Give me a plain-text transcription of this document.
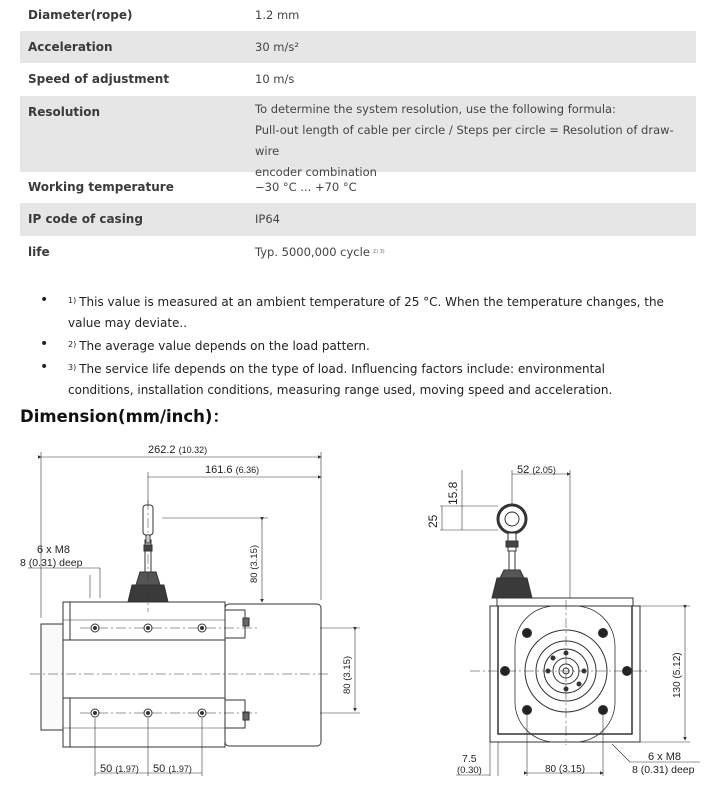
Diameter(rope)	1.2 mm
Acceleration	30 m/s²
Speed of adjustment	10 m/s
Resolution	To determine the system resolution, use the following formula:
Pull-out length of cable per circle / Steps per circle = Resolution of draw-wire
encoder combination
Working temperature	−30 °C ... +70 °C
IP code of casing	IP64
life	Typ. 5000,000 cycle $^{2) 3)}$
• $^{1)}$ This value is measured at an ambient temperature of 25 °C. When the temperature changes, the value may deviate..
• $^{2)}$ The average value depends on the load pattern.
• $^{3)}$ The service life depends on the type of load. Influencing factors include: environmental conditions, installation conditions, measuring range used, moving speed and acceleration.
Dimension(mm/inch)：
262.2 (10.32)
161.6 (6.36)
6 x M8
8 (0.31) deep	80 (3.15)
80 (3.15)
50 (1.97) 50 (1.97)
52 (2.05)
15.8
25
130 (5.12)
7.5
(0.30)	80 (3.15)
6 x M8
8 (0.31) deep
